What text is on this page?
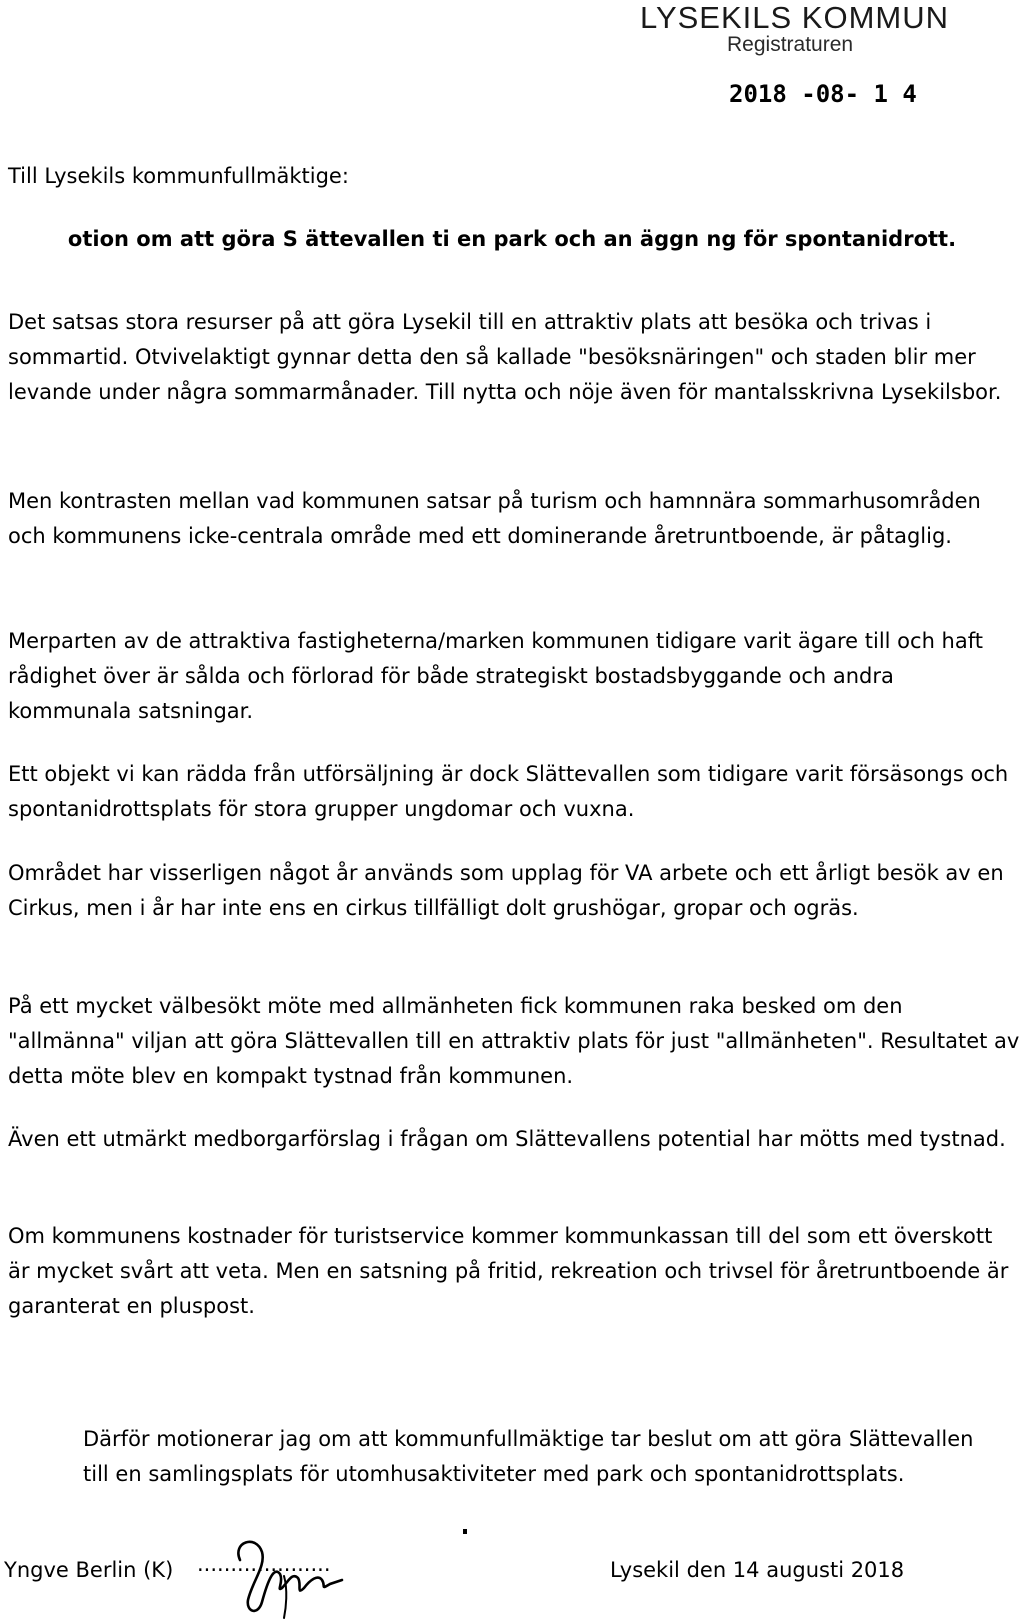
LYSEKILS KOMMUN
Registraturen
2018 -08- 1 4
Till Lysekils kommunfullmäktige:
otion om att göra S ättevallen ti en park och an äggn ng för spontanidrott.

Det satsas stora resurser på att göra Lysekil till en attraktiv plats att besöka och trivas i sommartid. Otvivelaktigt gynnar detta den så kallade "besöksnäringen" och staden blir mer levande under några sommarmånader. Till nytta och nöje även för mantalsskrivna Lysekilsbor.

Men kontrasten mellan vad kommunen satsar på turism och hamnnära sommarhusområden och kommunens icke-centrala område med ett dominerande åretruntboende, är påtaglig.

Merparten av de attraktiva fastigheterna/marken kommunen tidigare varit ägare till och haft rådighet över är sålda och förlorad för både strategiskt bostadsbyggande och andra kommunala satsningar.

Ett objekt vi kan rädda från utförsäljning är dock Slättevallen som tidigare varit försäsongs och spontanidrottsplats för stora grupper ungdomar och vuxna.

Området har visserligen något år används som upplag för VA arbete och ett årligt besök av en Cirkus, men i år har inte ens en cirkus tillfälligt dolt grushögar, gropar och ogräs.

På ett mycket välbesökt möte med allmänheten fick kommunen raka besked om den "allmänna" viljan att göra Slättevallen till en attraktiv plats för just "allmänheten". Resultatet av detta möte blev en kompakt tystnad från kommunen.

Även ett utmärkt medborgarförslag i frågan om Slättevallens potential har mötts med tystnad.

Om kommunens kostnader för turistservice kommer kommunkassan till del som ett överskott är mycket svårt att veta. Men en satsning på fritid, rekreation och trivsel för åretruntboende är garanterat en pluspost.

Därför motionerar jag om att kommunfullmäktige tar beslut om att göra Slättevallen till en samlingsplats för utomhusaktiviteter med park och spontanidrottsplats.
Yngve Berlin (K) ....................	Lysekil den 14 augusti 2018
